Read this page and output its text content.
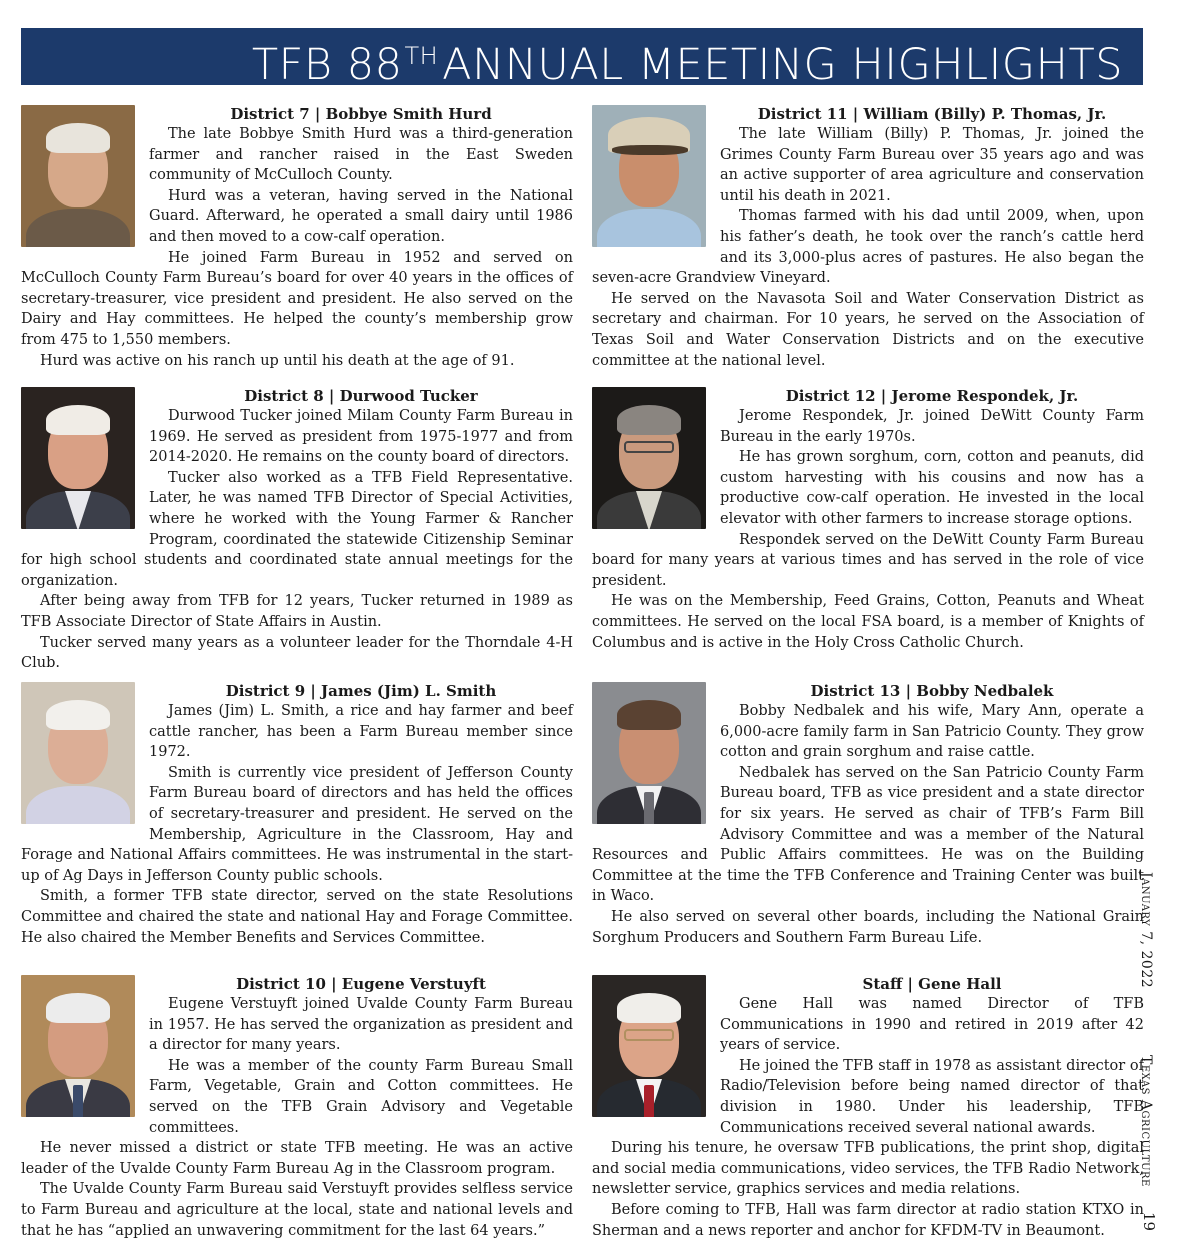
TFB 88THANNUAL MEETING HIGHLIGHTS
District 7 | Bobbye Smith Hurd

The late Bobbye Smith Hurd was a third-generation farmer and rancher raised in the East Sweden community of McCulloch County.

Hurd was a veteran, having served in the National Guard. Afterward, he operated a small dairy until 1986 and then moved to a cow-calf operation.

He joined Farm Bureau in 1952 and served on McCulloch County Farm Bureau’s board for over 40 years in the offices of secretary-treasurer, vice president and president. He also served on the Dairy and Hay committees. He helped the county’s membership grow from 475 to 1,550 members.

Hurd was active on his ranch up until his death at the age of 91.

District 11 | William (Billy) P. Thomas, Jr.

The late William (Billy) P. Thomas, Jr. joined the Grimes County Farm Bureau over 35 years ago and was an active supporter of area agriculture and conservation until his death in 2021.

Thomas farmed with his dad until 2009, when, upon his father’s death, he took over the ranch’s cattle herd and its 3,000-plus acres of pastures. He also began the seven-acre Grandview Vineyard.

He served on the Navasota Soil and Water Conservation District as secretary and chairman. For 10 years, he served on the Association of Texas Soil and Water Conservation Districts and on the executive committee at the national level.

District 8 | Durwood Tucker

Durwood Tucker joined Milam County Farm Bureau in 1969. He served as president from 1975-1977 and from 2014-2020. He remains on the county board of directors.

Tucker also worked as a TFB Field Representative. Later, he was named TFB Director of Special Activities, where he worked with the Young Farmer & Rancher Program, coordinated the statewide Citizenship Seminar for high school students and coordinated state annual meetings for the organization.

After being away from TFB for 12 years, Tucker returned in 1989 as TFB Associate Director of State Affairs in Austin.

Tucker served many years as a volunteer leader for the Thorndale 4-H Club.

District 12 | Jerome Respondek, Jr.

Jerome Respondek, Jr. joined DeWitt County Farm Bureau in the early 1970s.

He has grown sorghum, corn, cotton and peanuts, did custom harvesting with his cousins and now has a productive cow-calf operation. He invested in the local elevator with other farmers to increase storage options.

Respondek served on the DeWitt County Farm Bureau board for many years at various times and has served in the role of vice president.

He was on the Membership, Feed Grains, Cotton, Peanuts and Wheat committees. He served on the local FSA board, is a member of Knights of Columbus and is active in the Holy Cross Catholic Church.

District 9 | James (Jim) L. Smith

James (Jim) L. Smith, a rice and hay farmer and beef cattle rancher, has been a Farm Bureau member since 1972.

Smith is currently vice president of Jefferson County Farm Bureau board of directors and has held the offices of secretary-treasurer and president. He served on the Membership, Agriculture in the Classroom, Hay and Forage and National Affairs committees. He was instrumental in the start-up of Ag Days in Jefferson County public schools.

Smith, a former TFB state director, served on the state Resolutions Committee and chaired the state and national Hay and Forage Committee. He also chaired the Member Benefits and Services Committee.

District 13 | Bobby Nedbalek

Bobby Nedbalek and his wife, Mary Ann, operate a 6,000-acre family farm in San Patricio County. They grow cotton and grain sorghum and raise cattle.

Nedbalek has served on the San Patricio County Farm Bureau board, TFB as vice president and a state director for six years. He served as chair of TFB’s Farm Bill Advisory Committee and was a member of the Natural Resources and Public Affairs committees. He was on the Building Committee at the time the TFB Conference and Training Center was built in Waco.

He also served on several other boards, including the National Grain Sorghum Producers and Southern Farm Bureau Life.

District 10 | Eugene Verstuyft

Eugene Verstuyft joined Uvalde County Farm Bureau in 1957. He has served the organization as president and a director for many years.

He was a member of the county Farm Bureau Small Farm, Vegetable, Grain and Cotton committees. He served on the TFB Grain Advisory and Vegetable committees.

He never missed a district or state TFB meeting. He was an active leader of the Uvalde County Farm Bureau Ag in the Classroom program.

The Uvalde County Farm Bureau said Verstuyft provides selfless service to Farm Bureau and agriculture at the local, state and national levels and that he has “applied an unwavering commitment for the last 64 years.”

Staff | Gene Hall

Gene Hall was named Director of TFB Communications in 1990 and retired in 2019 after 42 years of service.

He joined the TFB staff in 1978 as assistant director of Radio/Television before being named director of that division in 1980. Under his leadership, TFB Communications received several national awards.

During his tenure, he oversaw TFB publications, the print shop, digital and social media communications, video services, the TFB Radio Network, newsletter service, graphics services and media relations.

Before coming to TFB, Hall was farm director at radio station KTXO in Sherman and a news reporter and anchor for KFDM-TV in Beaumont.

January 7, 2022
Texas Agriculture
19
